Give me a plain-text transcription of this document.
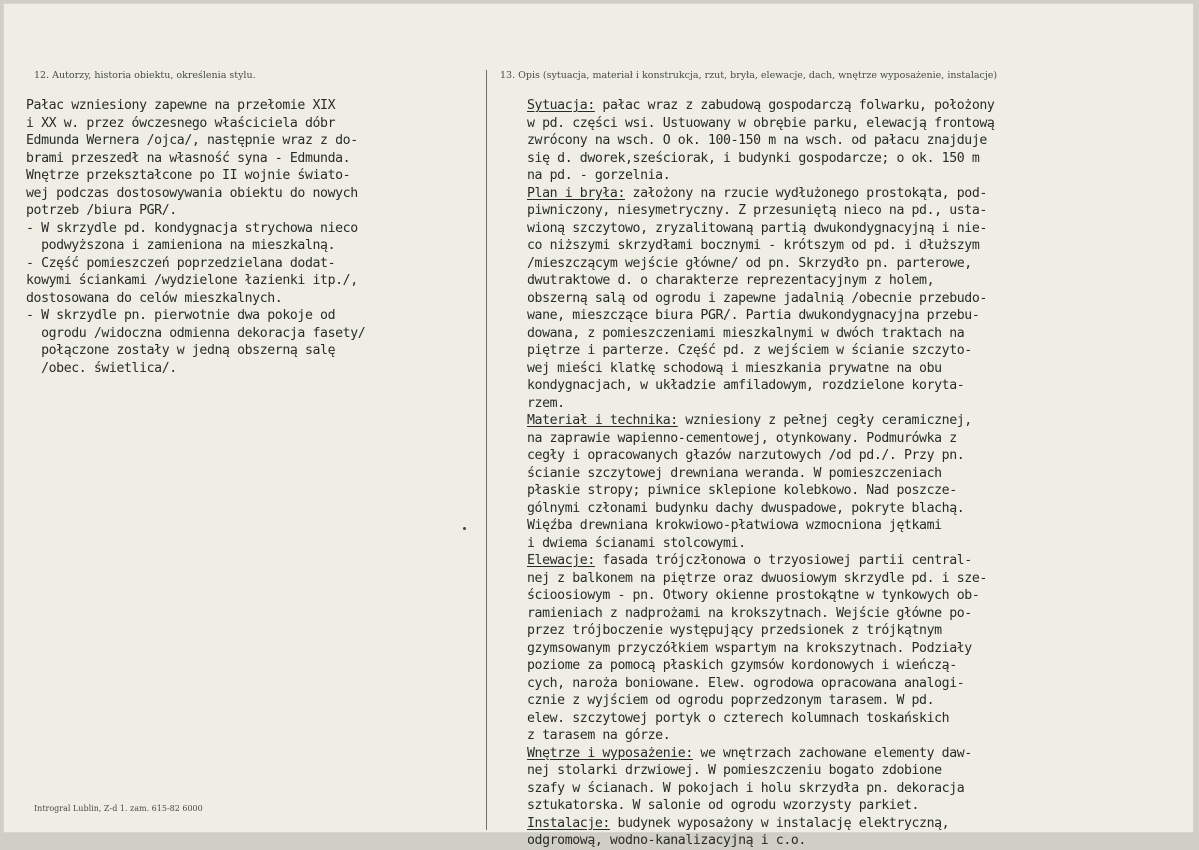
12. Autorzy, historia obiektu, określenia stylu.	13. Opis (sytuacja, materiał i konstrukcja, rzut, bryła, elewacje, dach, wnętrze wyposażenie, instalacje)
Pałac wzniesiony zapewne na przełomie XIX
i XX w. przez ówczesnego właściciela dóbr
Edmunda Wernera /ojca/, następnie wraz z do-
brami przeszedł na własność syna - Edmunda.
Wnętrze przekształcone po II wojnie świato-
wej podczas dostosowywania obiektu do nowych
potrzeb /biura PGR/.
- W skrzydle pd. kondygnacja strychowa nieco
podwyższona i zamieniona na mieszkalną.
- Część pomieszczeń poprzedzielana dodat-
kowymi ściankami /wydzielone łazienki itp./,
dostosowana do celów mieszkalnych.
- W skrzydle pn. pierwotnie dwa pokoje od
ogrodu /widoczna odmienna dekoracja fasety/
połączone zostały w jedną obszerną salę
/obec. świetlica/.
Sytuacja: pałac wraz z zabudową gospodarczą folwarku, położony
w pd. części wsi. Ustuowany w obrębie parku, elewacją frontową
zwrócony na wsch. O ok. 100-150 m na wsch. od pałacu znajduje
się d. dworek,sześciorak, i budynki gospodarcze; o ok. 150 m
na pd. - gorzelnia.
Plan i bryła: założony na rzucie wydłużonego prostokąta, pod-
piwniczony, niesymetryczny. Z przesuniętą nieco na pd., usta-
wioną szczytowo, zryzalitowaną partią dwukondygnacyjną i nie-
co niższymi skrzydłami bocznymi - krótszym od pd. i dłuższym
/mieszczącym wejście główne/ od pn. Skrzydło pn. parterowe,
dwutraktowe d. o charakterze reprezentacyjnym z holem,
obszerną salą od ogrodu i zapewne jadalnią /obecnie przebudo-
wane, mieszczące biura PGR/. Partia dwukondygnacyjna przebu-
dowana, z pomieszczeniami mieszkalnymi w dwóch traktach na
piętrze i parterze. Część pd. z wejściem w ścianie szczyto-
wej mieści klatkę schodową i mieszkania prywatne na obu
kondygnacjach, w układzie amfiladowym, rozdzielone koryta-
rzem.
Materiał i technika: wzniesiony z pełnej cegły ceramicznej,
na zaprawie wapienno-cementowej, otynkowany. Podmurówka z
cegły i opracowanych głazów narzutowych /od pd./. Przy pn.
ścianie szczytowej drewniana weranda. W pomieszczeniach
płaskie stropy; piwnice sklepione kolebkowo. Nad poszcze-
gólnymi członami budynku dachy dwuspadowe, pokryte blachą.
Więźba drewniana krokwiowo-płatwiowa wzmocniona jętkami
i dwiema ścianami stolcowymi.
Elewacje: fasada trójczłonowa o trzyosiowej partii central-
nej z balkonem na piętrze oraz dwuosiowym skrzydle pd. i sze-
ścioosiowym - pn. Otwory okienne prostokątne w tynkowych ob-
ramieniach z nadprożami na krokszytnach. Wejście główne po-
przez trójboczenie występujący przedsionek z trójkątnym
gzymsowanym przyczółkiem wspartym na krokszytnach. Podziały
poziome za pomocą płaskich gzymsów kordonowych i wieńczą-
cych, naroża boniowane. Elew. ogrodowa opracowana analogi-
cznie z wyjściem od ogrodu poprzedzonym tarasem. W pd.
elew. szczytowej portyk o czterech kolumnach toskańskich
z tarasem na górze.
Wnętrze i wyposażenie: we wnętrzach zachowane elementy daw-
nej stolarki drzwiowej. W pomieszczeniu bogato zdobione
szafy w ścianach. W pokojach i holu skrzydła pn. dekoracja
sztukatorska. W salonie od ogrodu wzorzysty parkiet.
Instalacje: budynek wyposażony w instalację elektryczną,
odgromową, wodno-kanalizacyjną i c.o.
Introgral Lublin, Z-d 1. zam. 615-82 6000
